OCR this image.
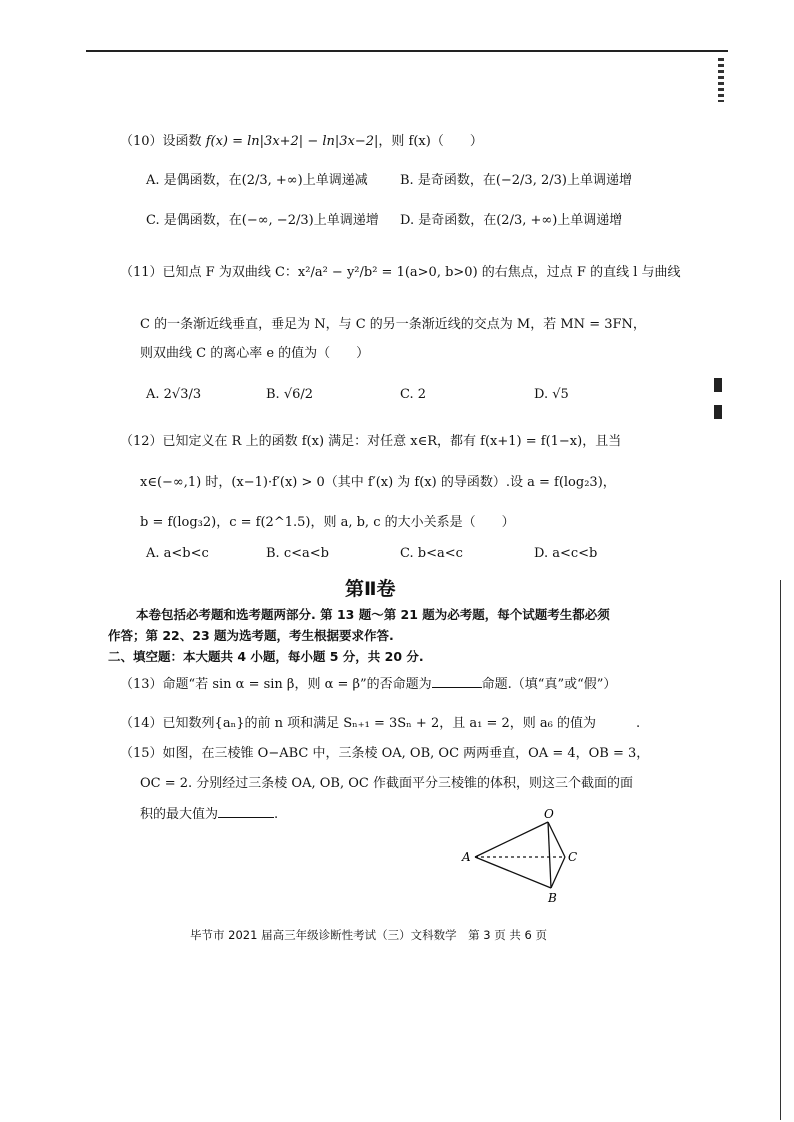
（10）设函数 f(x) = ln|3x+2| − ln|3x−2|，则 f(x)（　　）
A. 是偶函数，在(2/3, +∞)上单调递减 B. 是奇函数，在(−2/3, 2/3)上单调递增
C. 是偶函数，在(−∞, −2/3)上单调递增 D. 是奇函数，在(2/3, +∞)上单调递增
（11）已知点 F 为双曲线 C：x²/a² − y²/b² = 1(a>0, b>0) 的右焦点，过点 F 的直线 l 与曲线
C 的一条渐近线垂直，垂足为 N，与 C 的另一条渐近线的交点为 M，若 MN = 3FN，
则双曲线 C 的离心率 e 的值为（　　）
A. 2√3/3	B. √6/2	C. 2	D. √5
（12）已知定义在 R 上的函数 f(x) 满足：对任意 x∈R，都有 f(x+1) = f(1−x)，且当
x∈(−∞,1) 时，(x−1)·f′(x) > 0（其中 f′(x) 为 f(x) 的导函数）.设 a = f(log₂3)，
b = f(log₃2)，c = f(2^1.5)，则 a, b, c 的大小关系是（　　）
A. a<b<c	B. c<a<b	C. b<a<c	D. a<c<b
第Ⅱ卷
本卷包括必考题和选考题两部分. 第 13 题～第 21 题为必考题，每个试题考生都必须
作答；第 22、23 题为选考题，考生根据要求作答.
二、填空题：本大题共 4 小题，每小题 5 分，共 20 分.
（13）命题“若 sin α = sin β，则 α = β”的否命题为	命题.（填“真”或“假”）
（14）已知数列{aₙ}的前 n 项和满足 Sₙ₊₁ = 3Sₙ + 2，且 a₁ = 2，则 a₆ 的值为	.
（15）如图，在三棱锥 O−ABC 中，三条棱 OA, OB, OC 两两垂直，OA = 4，OB = 3，
OC = 2. 分别经过三条棱 OA, OB, OC 作截面平分三棱锥的体积，则这三个截面的面
积的最大值为	.	O
A	C
B
毕节市 2021 届高三年级诊断性考试（三）文科数学　第 3 页 共 6 页
